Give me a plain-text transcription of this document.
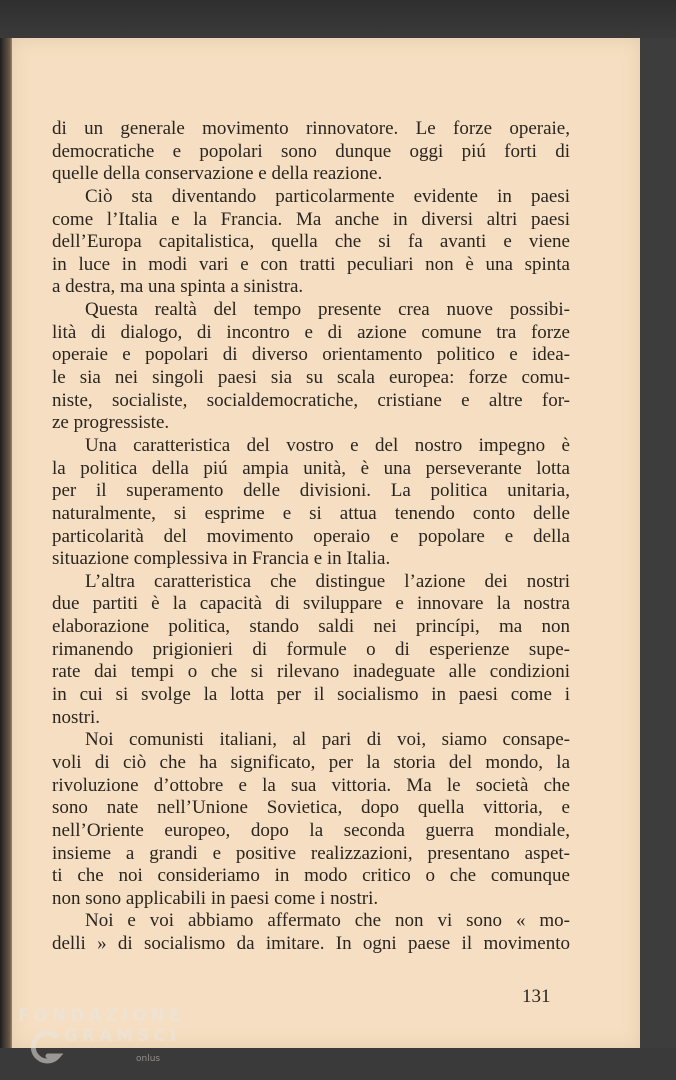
di un generale movimento rinnovatore. Le forze operaie,
democratiche e popolari sono dunque oggi piú forti di
quelle della conservazione e della reazione.

Ciò sta diventando particolarmente evidente in paesi
come l’Italia e la Francia. Ma anche in diversi altri paesi
dell’Europa capitalistica, quella che si fa avanti e viene
in luce in modi vari e con tratti peculiari non è una spinta
a destra, ma una spinta a sinistra.

Questa realtà del tempo presente crea nuove possibi-
lità di dialogo, di incontro e di azione comune tra forze
operaie e popolari di diverso orientamento politico e idea-
le sia nei singoli paesi sia su scala europea: forze comu-
niste, socialiste, socialdemocratiche, cristiane e altre for-
ze progressiste.

Una caratteristica del vostro e del nostro impegno è
la politica della piú ampia unità, è una perseverante lotta
per il superamento delle divisioni. La politica unitaria,
naturalmente, si esprime e si attua tenendo conto delle
particolarità del movimento operaio e popolare e della
situazione complessiva in Francia e in Italia.

L’altra caratteristica che distingue l’azione dei nostri
due partiti è la capacità di sviluppare e innovare la nostra
elaborazione politica, stando saldi nei princípi, ma non
rimanendo prigionieri di formule o di esperienze supe-
rate dai tempi o che si rilevano inadeguate alle condizioni
in cui si svolge la lotta per il socialismo in paesi come i
nostri.

Noi comunisti italiani, al pari di voi, siamo consape-
voli di ciò che ha significato, per la storia del mondo, la
rivoluzione d’ottobre e la sua vittoria. Ma le società che
sono nate nell’Unione Sovietica, dopo quella vittoria, e
nell’Oriente europeo, dopo la seconda guerra mondiale,
insieme a grandi e positive realizzazioni, presentano aspet-
ti che noi consideriamo in modo critico o che comunque
non sono applicabili in paesi come i nostri.

Noi e voi abbiamo affermato che non vi sono « mo-
delli » di socialismo da imitare. In ogni paese il movimento

131
FONDAZIONE
GRAMSCI
onlus
